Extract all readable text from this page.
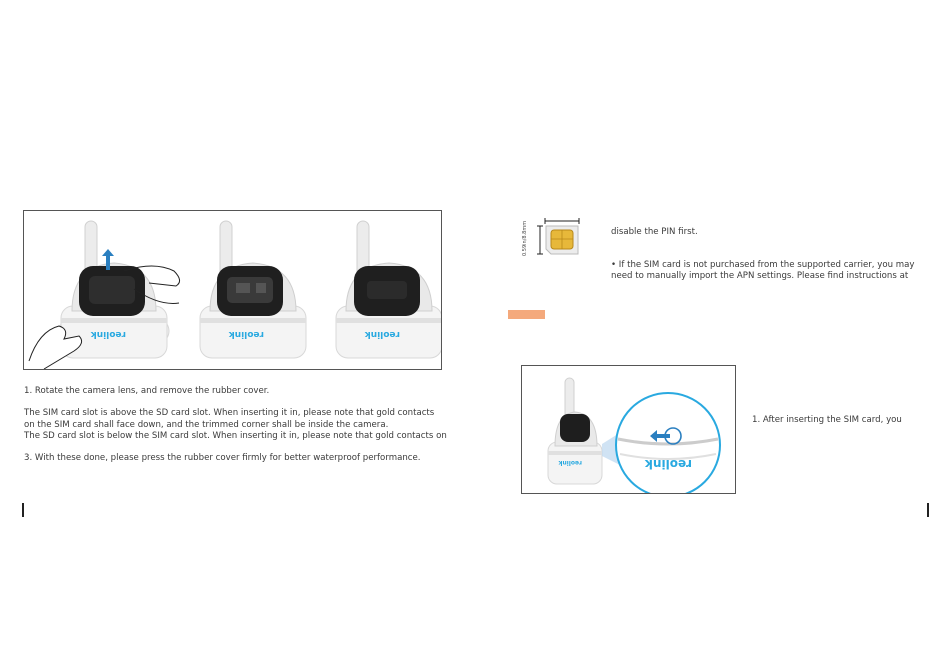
reolink	reolink	reolink
1. Rotate the camera lens, and remove the rubber cover.
The SIM card slot is above the SD card slot. When inserting it in, please note that gold contacts
on the SIM card shall face down, and the trimmed corner shall be inside the camera.
The SD card slot is below the SIM card slot. When inserting it in, please note that gold contacts on
3. With these done, please press the rubber cover firmly for better waterproof performance.
0.59in/8.8mm	disable the PIN first.
• If the SIM card is not purchased from the supported carrier, you may
need to manually import the APN settings. Please find instructions at
reolink	reolink
1. After inserting the SIM card, you
